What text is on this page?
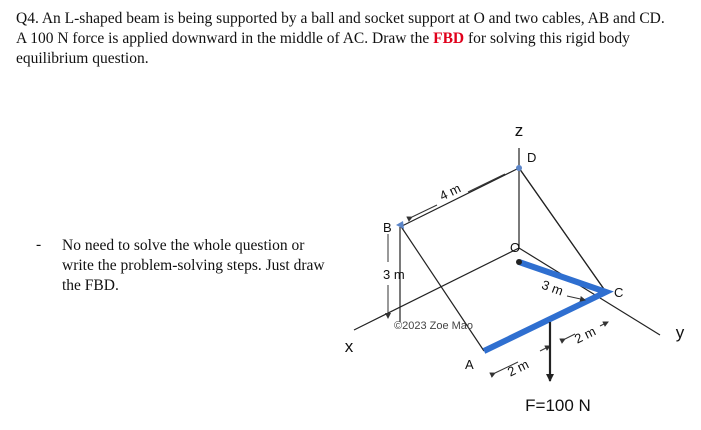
Q4. An L-shaped beam is being supported by a ball and socket support at O and two cables, AB and CD. A 100 N force is applied downward in the middle of AC. Draw the FBD for solving this rigid body equilibrium question.
- No need to solve the whole question or write the problem-solving steps. Just draw the FBD.
z
y
x
B
D
O
C
A
4 m
3 m
3 m
2 m
2 m
F=100 N
©2023 Zoe Mao
